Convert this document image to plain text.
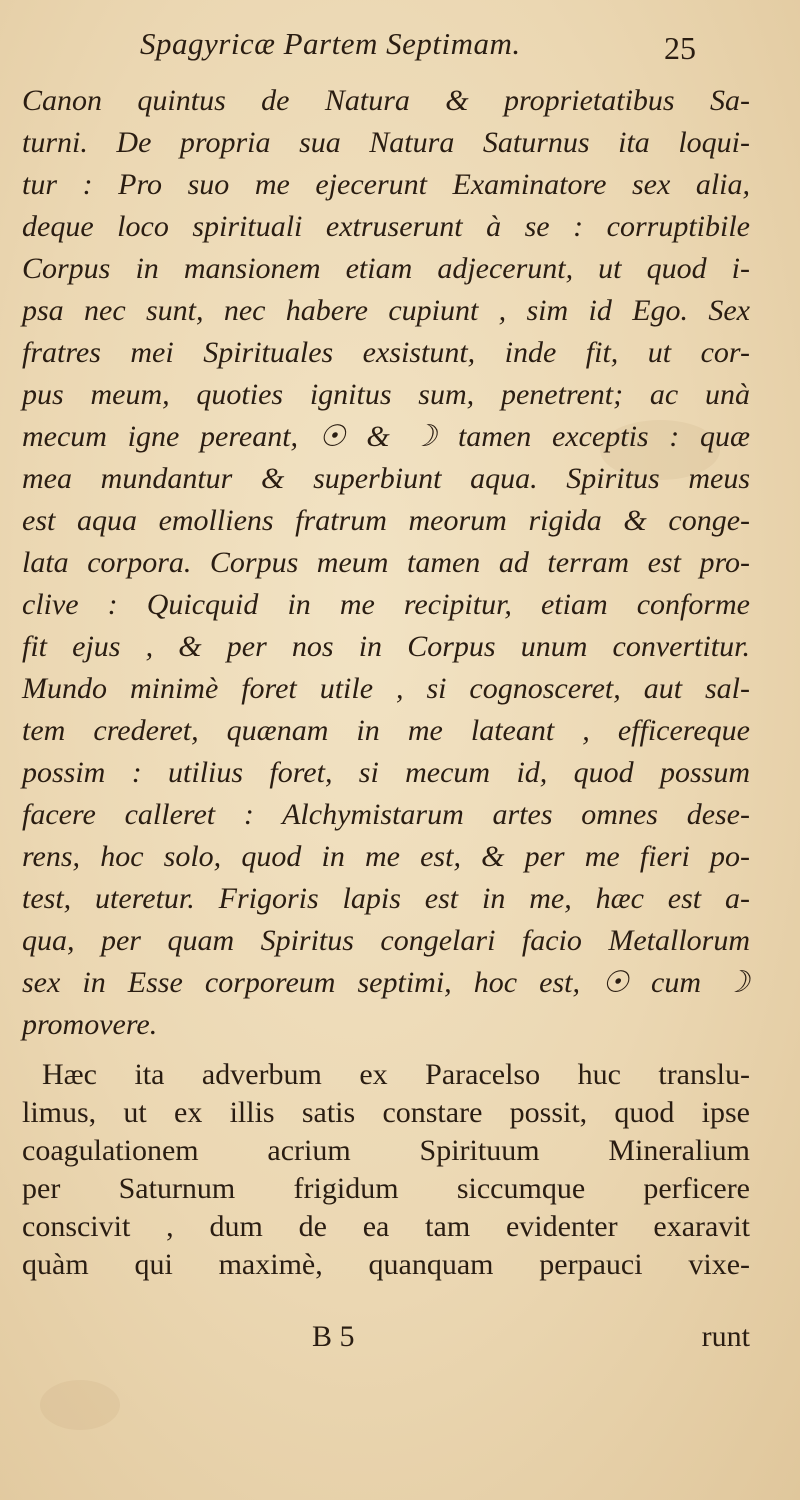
Spagyricæ Partem Septimam.	25
Canon quintus de Natura & proprietatibus Sa-
turni. De propria sua Natura Saturnus ita loqui-
tur : Pro suo me ejecerunt Examinatore sex alia,
deque loco spirituali extruserunt à se : corruptibile
Corpus in mansionem etiam adjecerunt, ut quod i-
psa nec sunt, nec habere cupiunt , sim id Ego. Sex
fratres mei Spirituales exsistunt, inde fit, ut cor-
pus meum, quoties ignitus sum, penetrent; ac unà
mecum igne pereant, ☉ & ☽ tamen exceptis : quæ
mea mundantur & superbiunt aqua. Spiritus meus
est aqua emolliens fratrum meorum rigida & conge-
lata corpora. Corpus meum tamen ad terram est pro-
clive : Quicquid in me recipitur, etiam conforme
fit ejus , & per nos in Corpus unum convertitur.
Mundo minimè foret utile , si cognosceret, aut sal-
tem crederet, quænam in me lateant , efficereque
possim : utilius foret, si mecum id, quod possum
facere calleret : Alchymistarum artes omnes dese-
rens, hoc solo, quod in me est, & per me fieri po-
test, uteretur. Frigoris lapis est in me, hæc est a-
qua, per quam Spiritus congelari facio Metallorum
sex in Esse corporeum septimi, hoc est, ☉ cum ☽
promovere.
Hæc ita adverbum ex Paracelso huc translu-
limus, ut ex illis satis constare possit, quod ipse
coagulationem acrium Spirituum Mineralium
per Saturnum frigidum siccumque perficere
conscivit , dum de ea tam evidenter exaravit
quàm qui maximè, quanquam perpauci vixe-
B 5	runt
